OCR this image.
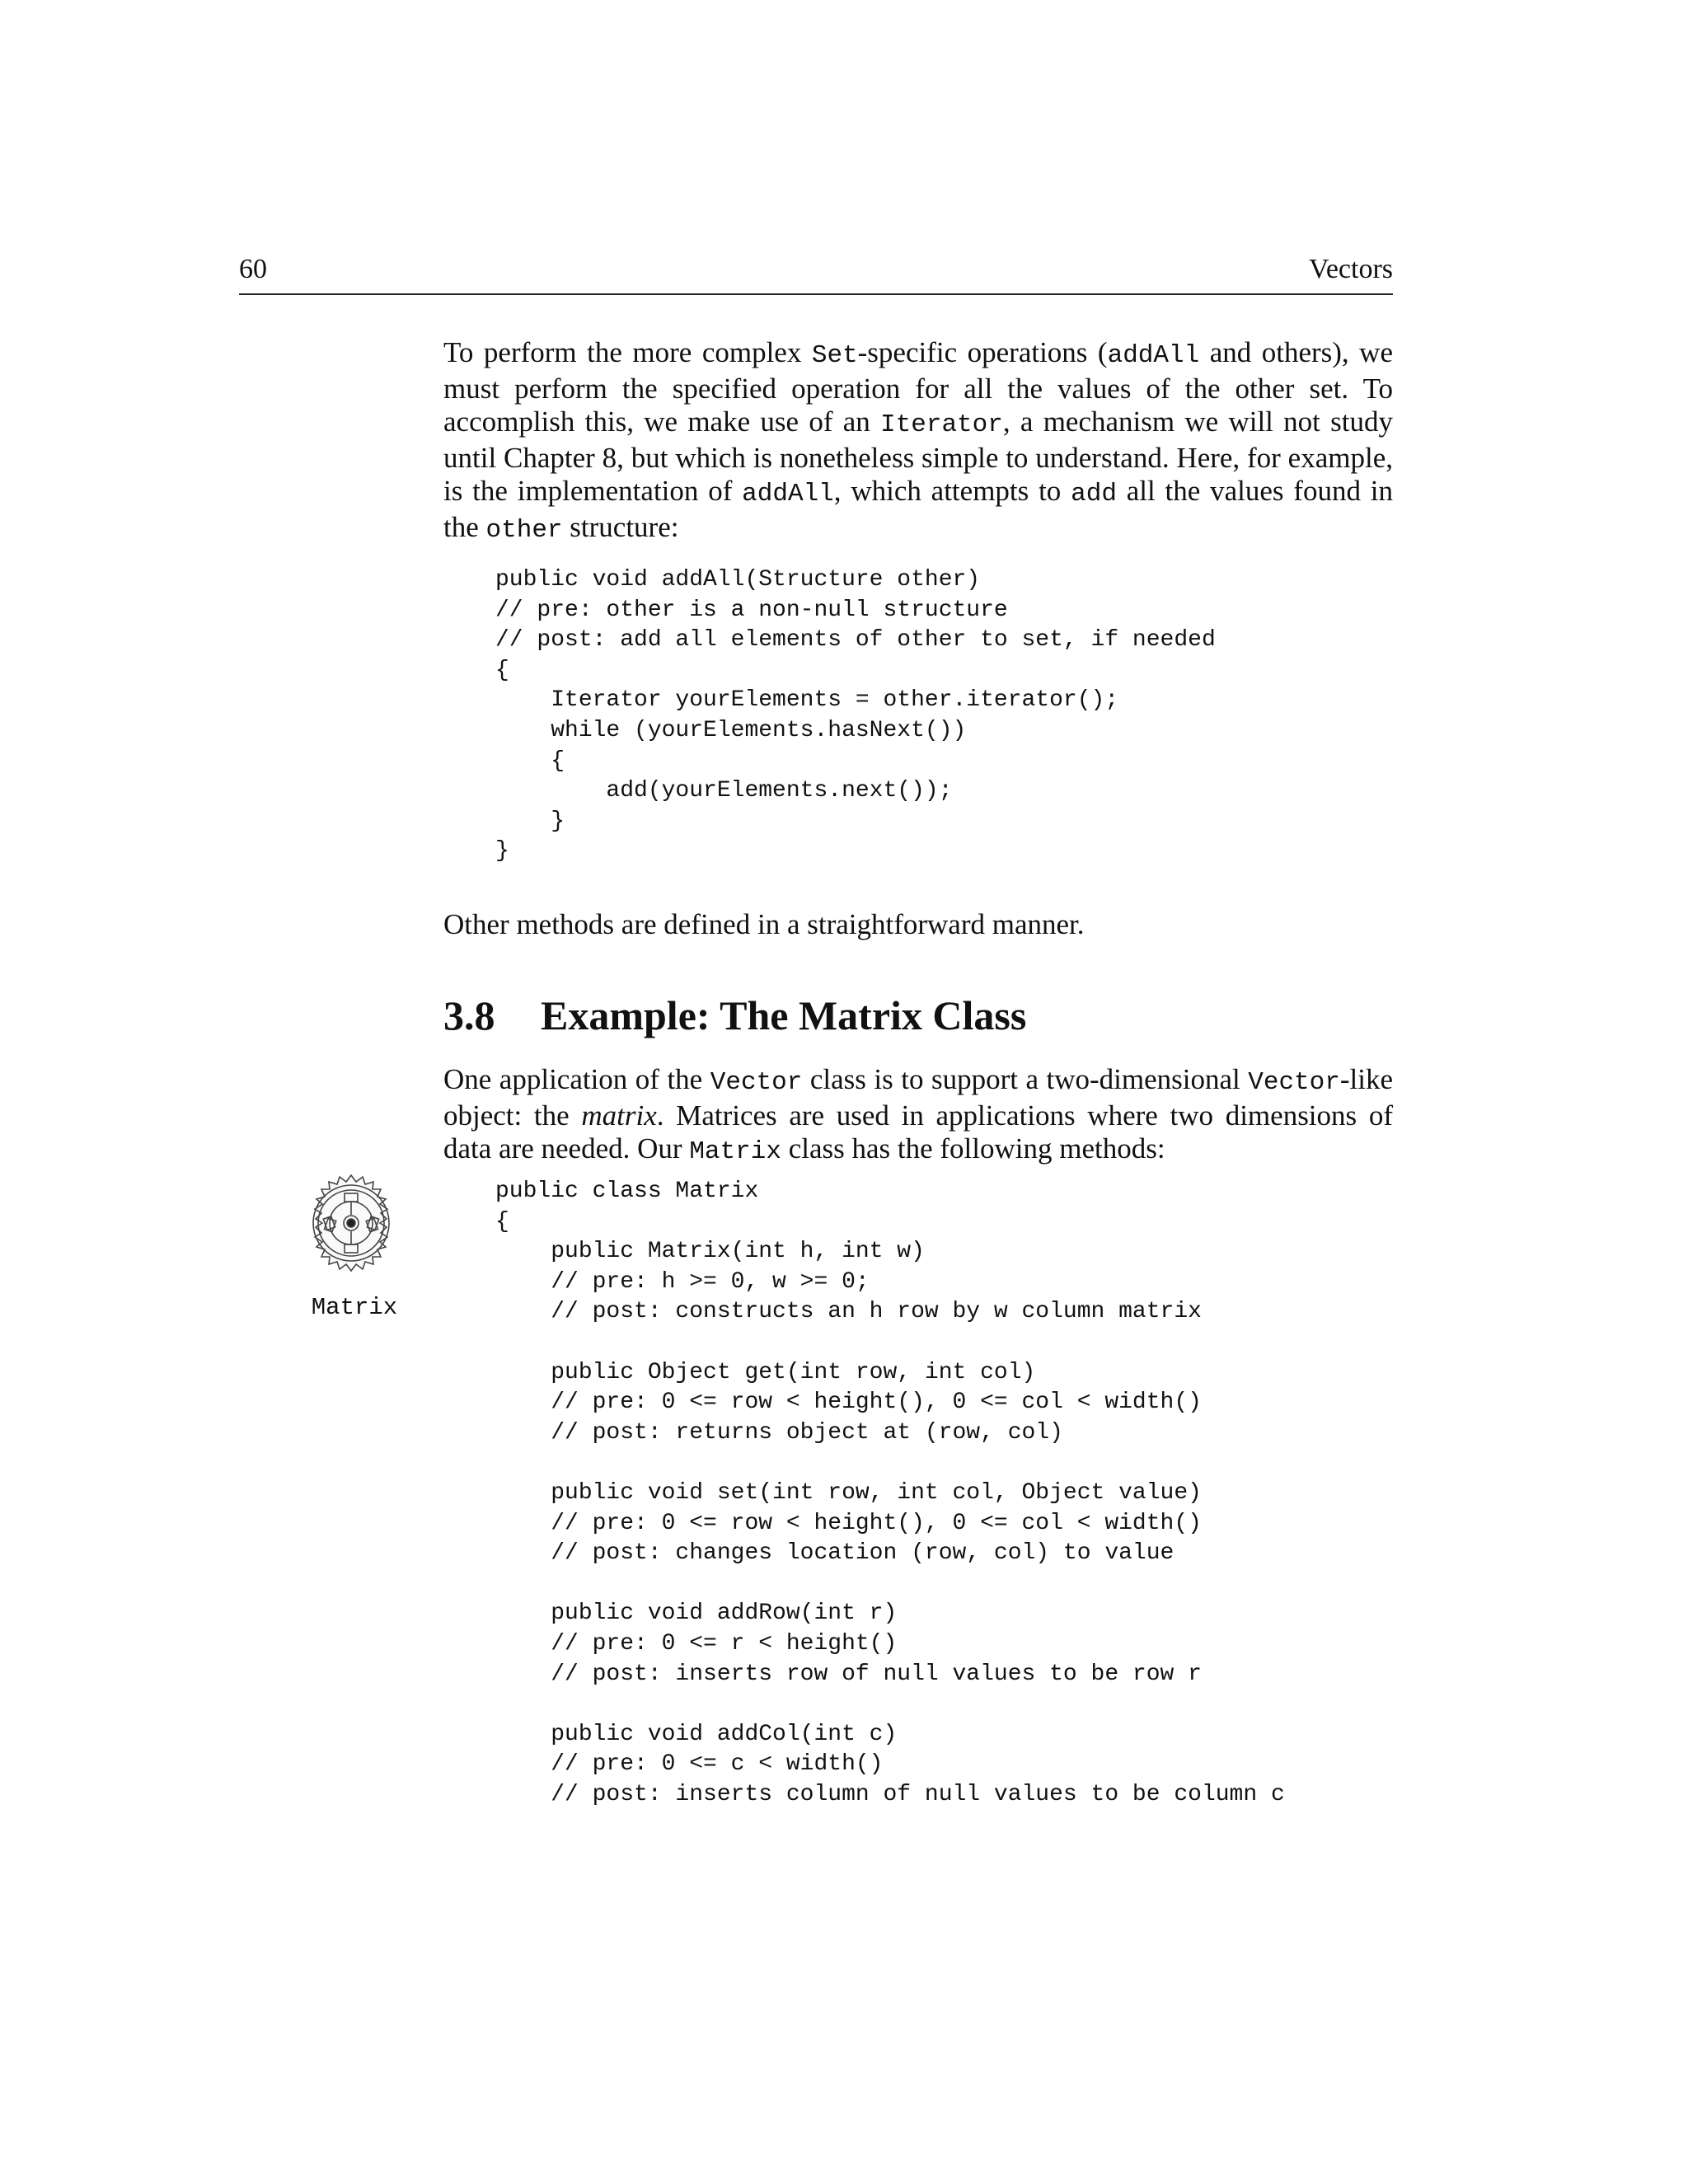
60	Vectors

To perform the more complex Set-specific operations (addAll and others), we must perform the specified operation for all the values of the other set. To accomplish this, we make use of an Iterator, a mechanism we will not study until Chapter 8, but which is nonetheless simple to understand. Here, for example, is the implementation of addAll, which attempts to add all the values found in the other structure:

public void addAll(Structure other)
// pre: other is a non-null structure
// post: add all elements of other to set, if needed
{
Iterator yourElements = other.iterator();
while (yourElements.hasNext())
{
add(yourElements.next());
}
}

Other methods are defined in a straightforward manner.

3.8 Example: The Matrix Class

One application of the Vector class is to support a two-dimensional Vector-like object: the matrix. Matrices are used in applications where two dimensions of data are needed. Our Matrix class has the following methods:

Matrix
public class Matrix
{
public Matrix(int h, int w)
// pre: h >= 0, w >= 0;
// post: constructs an h row by w column matrix

public Object get(int row, int col)
// pre: 0 <= row < height(), 0 <= col < width()
// post: returns object at (row, col)

public void set(int row, int col, Object value)
// pre: 0 <= row < height(), 0 <= col < width()
// post: changes location (row, col) to value

public void addRow(int r)
// pre: 0 <= r < height()
// post: inserts row of null values to be row r

public void addCol(int c)
// pre: 0 <= c < width()
// post: inserts column of null values to be column c
